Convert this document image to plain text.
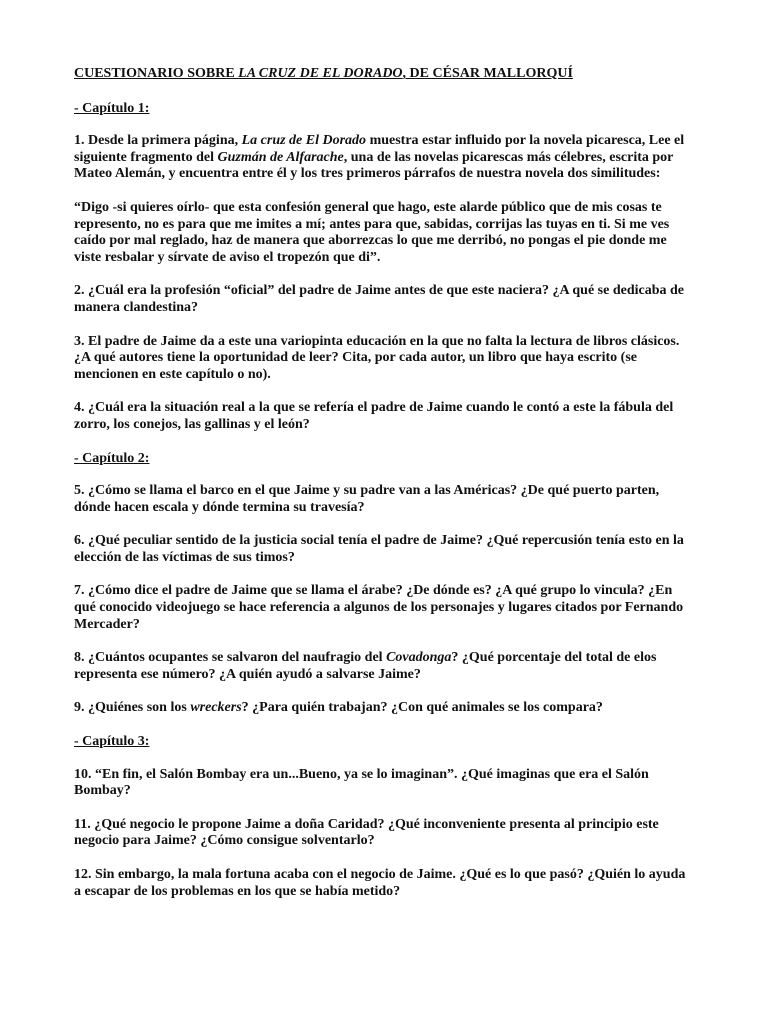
CUESTIONARIO SOBRE LA CRUZ DE EL DORADO, DE CÉSAR MALLORQUÍ
- Capítulo 1:
1. Desde la primera página, La cruz de El Dorado muestra estar influido por la novela picaresca, Lee el siguiente fragmento del Guzmán de Alfarache, una de las novelas picarescas más célebres, escrita por Mateo Alemán, y encuentra entre él y los tres primeros párrafos de nuestra novela dos similitudes:
“Digo -si quieres oírlo- que esta confesión general que hago, este alarde público que de mis cosas te represento, no es para que me imites a mí; antes para que, sabidas, corrijas las tuyas en ti. Si me ves caído por mal reglado, haz de manera que aborrezcas lo que me derribó, no pongas el pie donde me viste resbalar y sírvate de aviso el tropezón que di”.
2. ¿Cuál era la profesión “oficial” del padre de Jaime antes de que este naciera? ¿A qué se dedicaba de manera clandestina?
3. El padre de Jaime da a este una variopinta educación en la que no falta la lectura de libros clásicos. ¿A qué autores tiene la oportunidad de leer? Cita, por cada autor, un libro que haya escrito (se mencionen en este capítulo o no).
4. ¿Cuál era la situación real a la que se refería el padre de Jaime cuando le contó a este la fábula del zorro, los conejos, las gallinas y el león?
- Capítulo 2:
5. ¿Cómo se llama el barco en el que Jaime y su padre van a las Américas? ¿De qué puerto parten, dónde hacen escala y dónde termina su travesía?
6. ¿Qué peculiar sentido de la justicia social tenía el padre de Jaime? ¿Qué repercusión tenía esto en la elección de las víctimas de sus timos?
7. ¿Cómo dice el padre de Jaime que se llama el árabe? ¿De dónde es? ¿A qué grupo lo vincula? ¿En qué conocido videojuego se hace referencia a algunos de los personajes y lugares citados por Fernando Mercader?
8. ¿Cuántos ocupantes se salvaron del naufragio del Covadonga? ¿Qué porcentaje del total de elos representa ese número? ¿A quién ayudó a salvarse Jaime?
9. ¿Quiénes son los wreckers? ¿Para quién trabajan? ¿Con qué animales se los compara?
- Capítulo 3:
10. “En fin, el Salón Bombay era un...Bueno, ya se lo imaginan”. ¿Qué imaginas que era el Salón Bombay?
11. ¿Qué negocio le propone Jaime a doña Caridad? ¿Qué inconveniente presenta al principio este negocio para Jaime? ¿Cómo consigue solventarlo?
12. Sin embargo, la mala fortuna acaba con el negocio de Jaime. ¿Qué es lo que pasó? ¿Quién lo ayuda a escapar de los problemas en los que se había metido?
